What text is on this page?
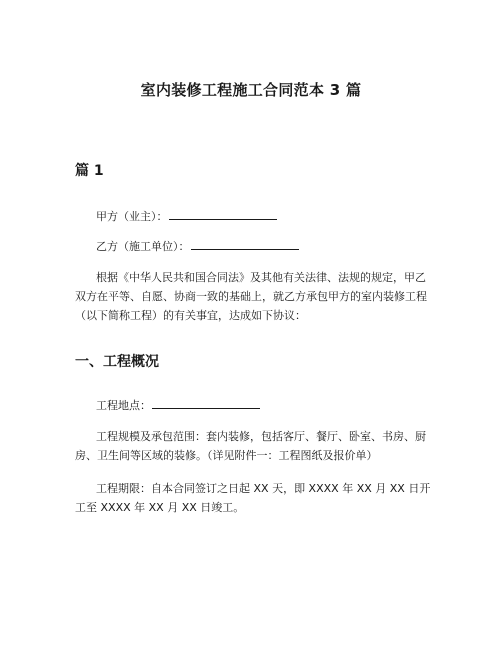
室内装修工程施工合同范本 3 篇
篇 1

甲方（业主）：

乙方（施工单位）：

根据《中华人民共和国合同法》及其他有关法律、法规的规定，甲乙双方在平等、自愿、协商一致的基础上，就乙方承包甲方的室内装修工程（以下简称工程）的有关事宜，达成如下协议：

一、工程概况

工程地点：

工程规模及承包范围：套内装修，包括客厅、餐厅、卧室、书房、厨房、卫生间等区域的装修。（详见附件一：工程图纸及报价单）

工程期限：自本合同签订之日起 XX 天，即 XXXX 年 XX 月 XX 日开工至 XXXX 年 XX 月 XX 日竣工。
